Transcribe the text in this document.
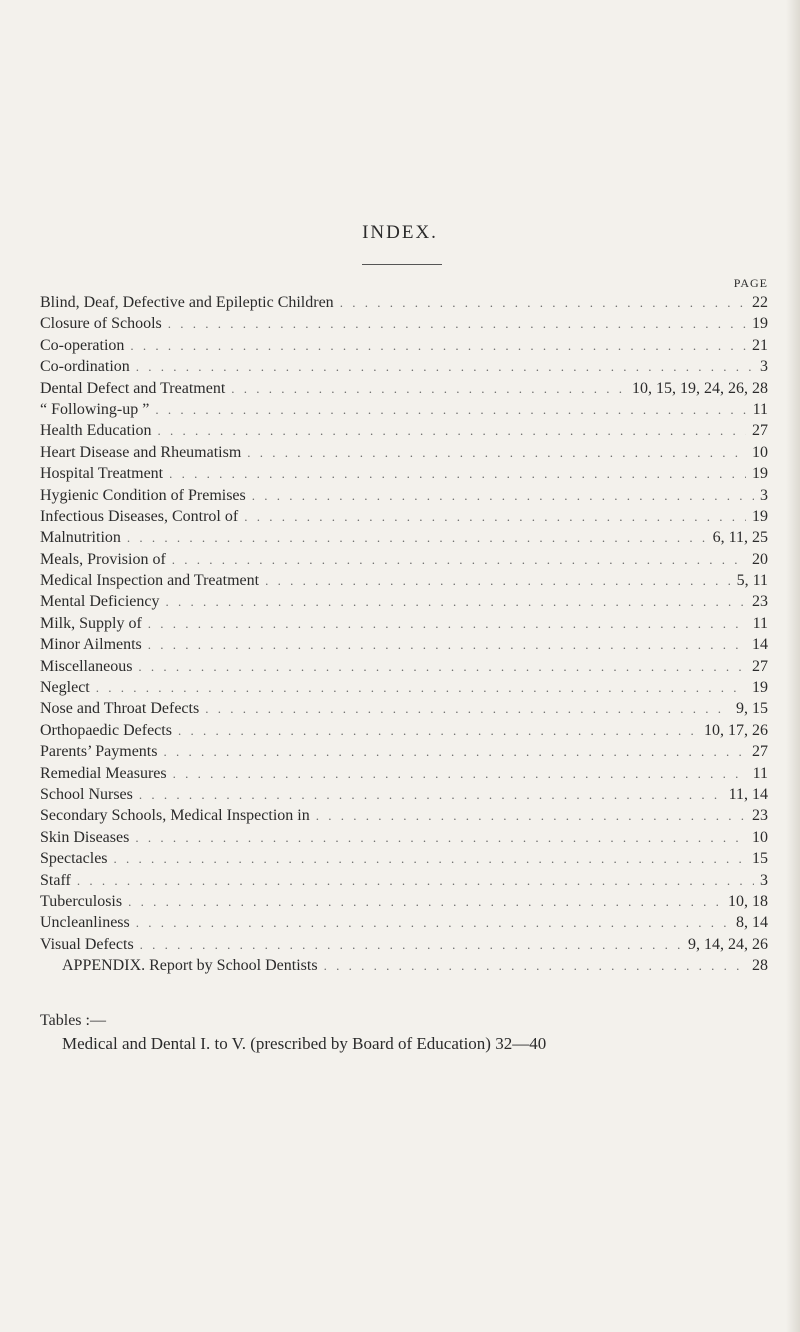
INDEX.
PAGE
Blind, Deaf, Defective and Epileptic Children . . .	22
Closure of Schools . . .	19
Co-operation . . .	21
Co-ordination . . .	3
Dental Defect and Treatment . . .	10, 15, 19, 24, 26, 28
“ Following-up ” . . .	11
Health Education . . .	27
Heart Disease and Rheumatism . . .	10
Hospital Treatment . . .	19
Hygienic Condition of Premises . . .	3
Infectious Diseases, Control of . . .	19
Malnutrition . . .	6, 11, 25
Meals, Provision of . . .	20
Medical Inspection and Treatment . . .	5, 11
Mental Deficiency . . .	23
Milk, Supply of . . .	11
Minor Ailments . . .	14
Miscellaneous . . .	27
Neglect . . .	19
Nose and Throat Defects . . .	9, 15
Orthopaedic Defects . . .	10, 17, 26
Parents’ Payments . . .	27
Remedial Measures . . .	11
School Nurses . . .	11, 14
Secondary Schools, Medical Inspection in . . .	23
Skin Diseases . . .	10
Spectacles . . .	15
Staff . . .	3
Tuberculosis . . .	10, 18
Uncleanliness . . .	8, 14
Visual Defects . . .	9, 14, 24, 26
APPENDIX. Report by School Dentists . . .	28
Tables :—
Medical and Dental I. to V. (prescribed by Board of Education) 32—40
